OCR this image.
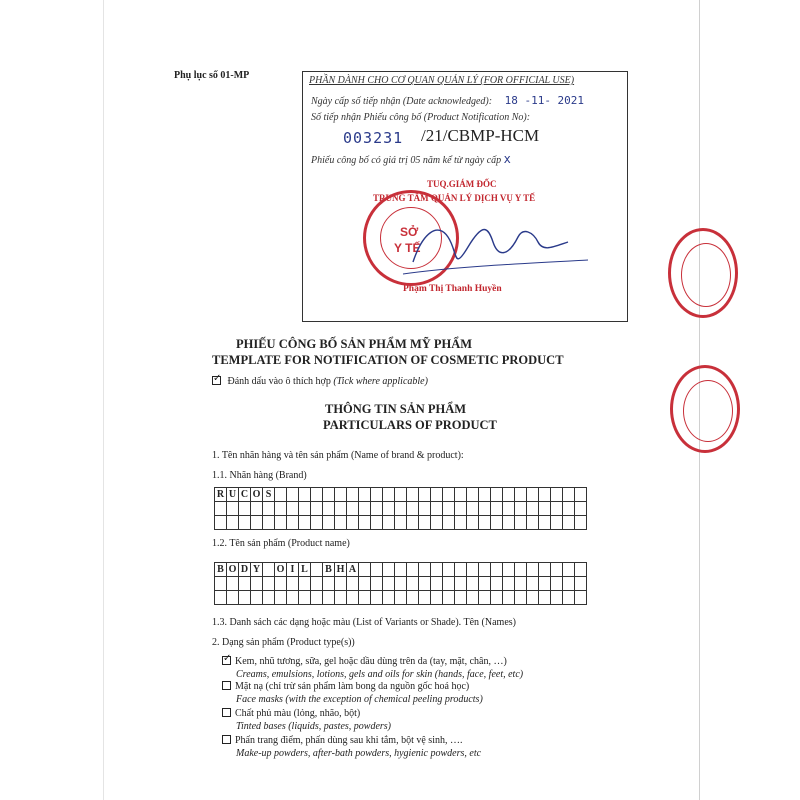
Phụ lục số 01-MP	PHẦN DÀNH CHO CƠ QUAN QUẢN LÝ (FOR OFFICIAL USE)
Ngày cấp số tiếp nhận (Date acknowledged): 18 -11- 2021
Số tiếp nhận Phiếu công bố (Product Notification No):
003231 /21/CBMP-HCM
Phiếu công bố có giá trị 05 năm kể từ ngày cấp x
TUQ.GIÁM ĐỐC
TRUNG TÂM QUẢN LÝ DỊCH VỤ Y TẾ
Phạm Thị Thanh Huyền
SỞ
Y TẾ
PHIẾU CÔNG BỐ SẢN PHẨM MỸ PHẨM
TEMPLATE FOR NOTIFICATION OF COSMETIC PRODUCT
✓ Đánh dấu vào ô thích hợp (Tick where applicable)
THÔNG TIN SẢN PHẨM
PARTICULARS OF PRODUCT
1. Tên nhãn hàng và tên sản phẩm (Name of brand & product):
1.1. Nhãn hàng (Brand)
R U C O S
1.2. Tên sản phẩm (Product name)
B O D Y O I L	B H A
1.3. Danh sách các dạng hoặc màu (List of Variants or Shade). Tên (Names)
2. Dạng sản phẩm (Product type(s))
✓Kem, nhũ tương, sữa, gel hoặc dầu dùng trên da (tay, mặt, chân, …)
Creams, emulsions, lotions, gels and oils for skin (hands, face, feet, etc)
Mặt nạ (chỉ trừ sản phẩm làm bong da nguồn gốc hoá học)
Face masks (with the exception of chemical peeling products)
Chất phủ màu (lỏng, nhão, bột)
Tinted bases (liquids, pastes, powders)
Phấn trang điểm, phấn dùng sau khi tắm, bột vệ sinh, ….
Make-up powders, after-bath powders, hygienic powders, etc
